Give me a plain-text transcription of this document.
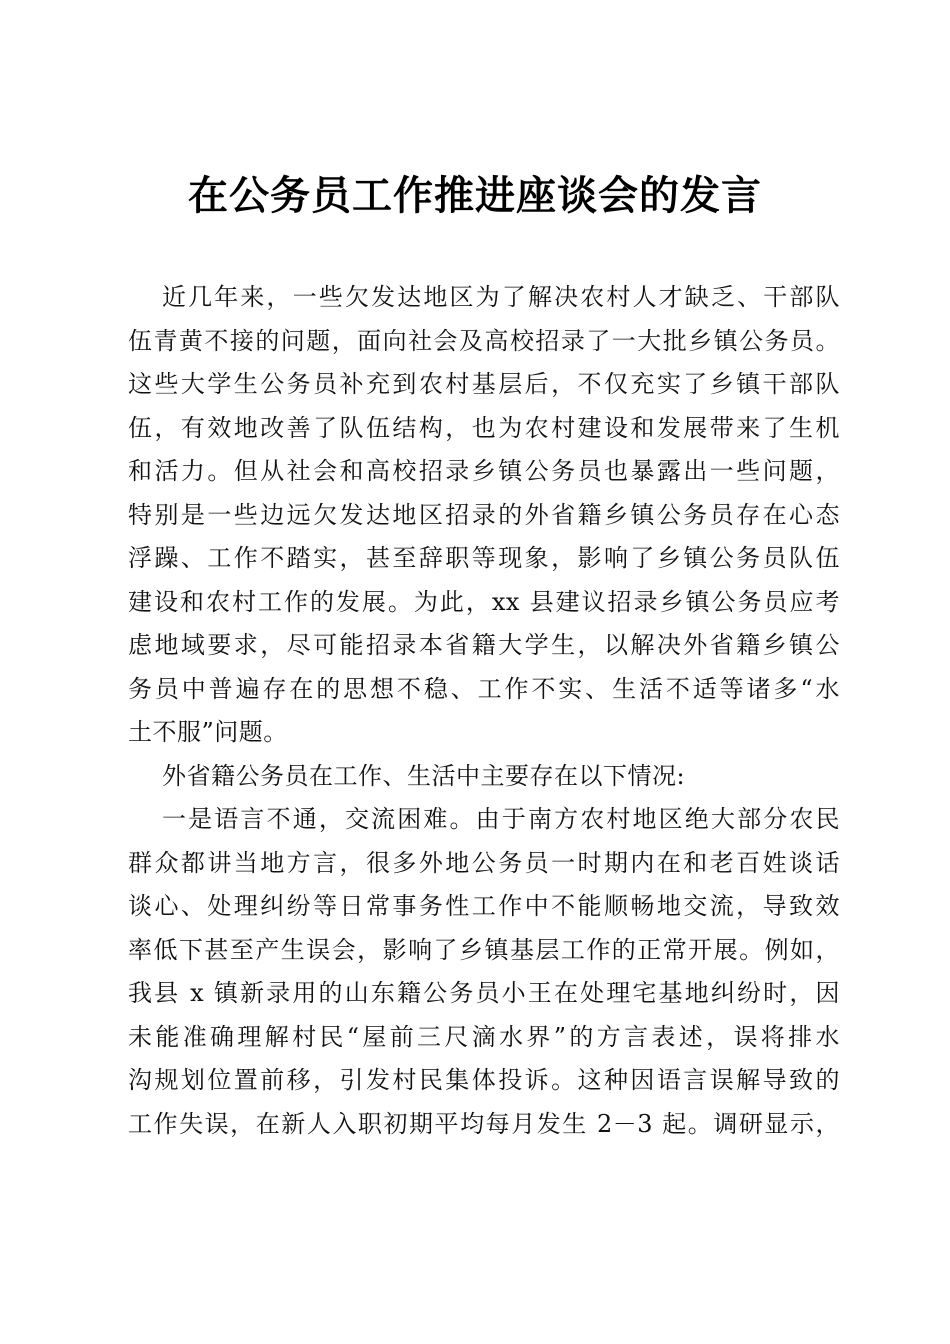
在公务员工作推进座谈会的发言
近几年来，一些欠发达地区为了解决农村人才缺乏、干部队
伍青黄不接的问题，面向社会及高校招录了一大批乡镇公务员。
这些大学生公务员补充到农村基层后，不仅充实了乡镇干部队
伍，有效地改善了队伍结构，也为农村建设和发展带来了生机
和活力。但从社会和高校招录乡镇公务员也暴露出一些问题，
特别是一些边远欠发达地区招录的外省籍乡镇公务员存在心态
浮躁、工作不踏实，甚至辞职等现象，影响了乡镇公务员队伍
建设和农村工作的发展。为此，xx 县建议招录乡镇公务员应考
虑地域要求，尽可能招录本省籍大学生，以解决外省籍乡镇公
务员中普遍存在的思想不稳、工作不实、生活不适等诸多“水
土不服”问题。
外省籍公务员在工作、生活中主要存在以下情况:
一是语言不通，交流困难。由于南方农村地区绝大部分农民
群众都讲当地方言，很多外地公务员一时期内在和老百姓谈话
谈心、处理纠纷等日常事务性工作中不能顺畅地交流，导致效
率低下甚至产生误会，影响了乡镇基层工作的正常开展。例如，
我县 x 镇新录用的山东籍公务员小王在处理宅基地纠纷时，因
未能准确理解村民“屋前三尺滴水界”的方言表述，误将排水
沟规划位置前移，引发村民集体投诉。这种因语言误解导致的
工作失误，在新人入职初期平均每月发生 2－3 起。调研显示，
